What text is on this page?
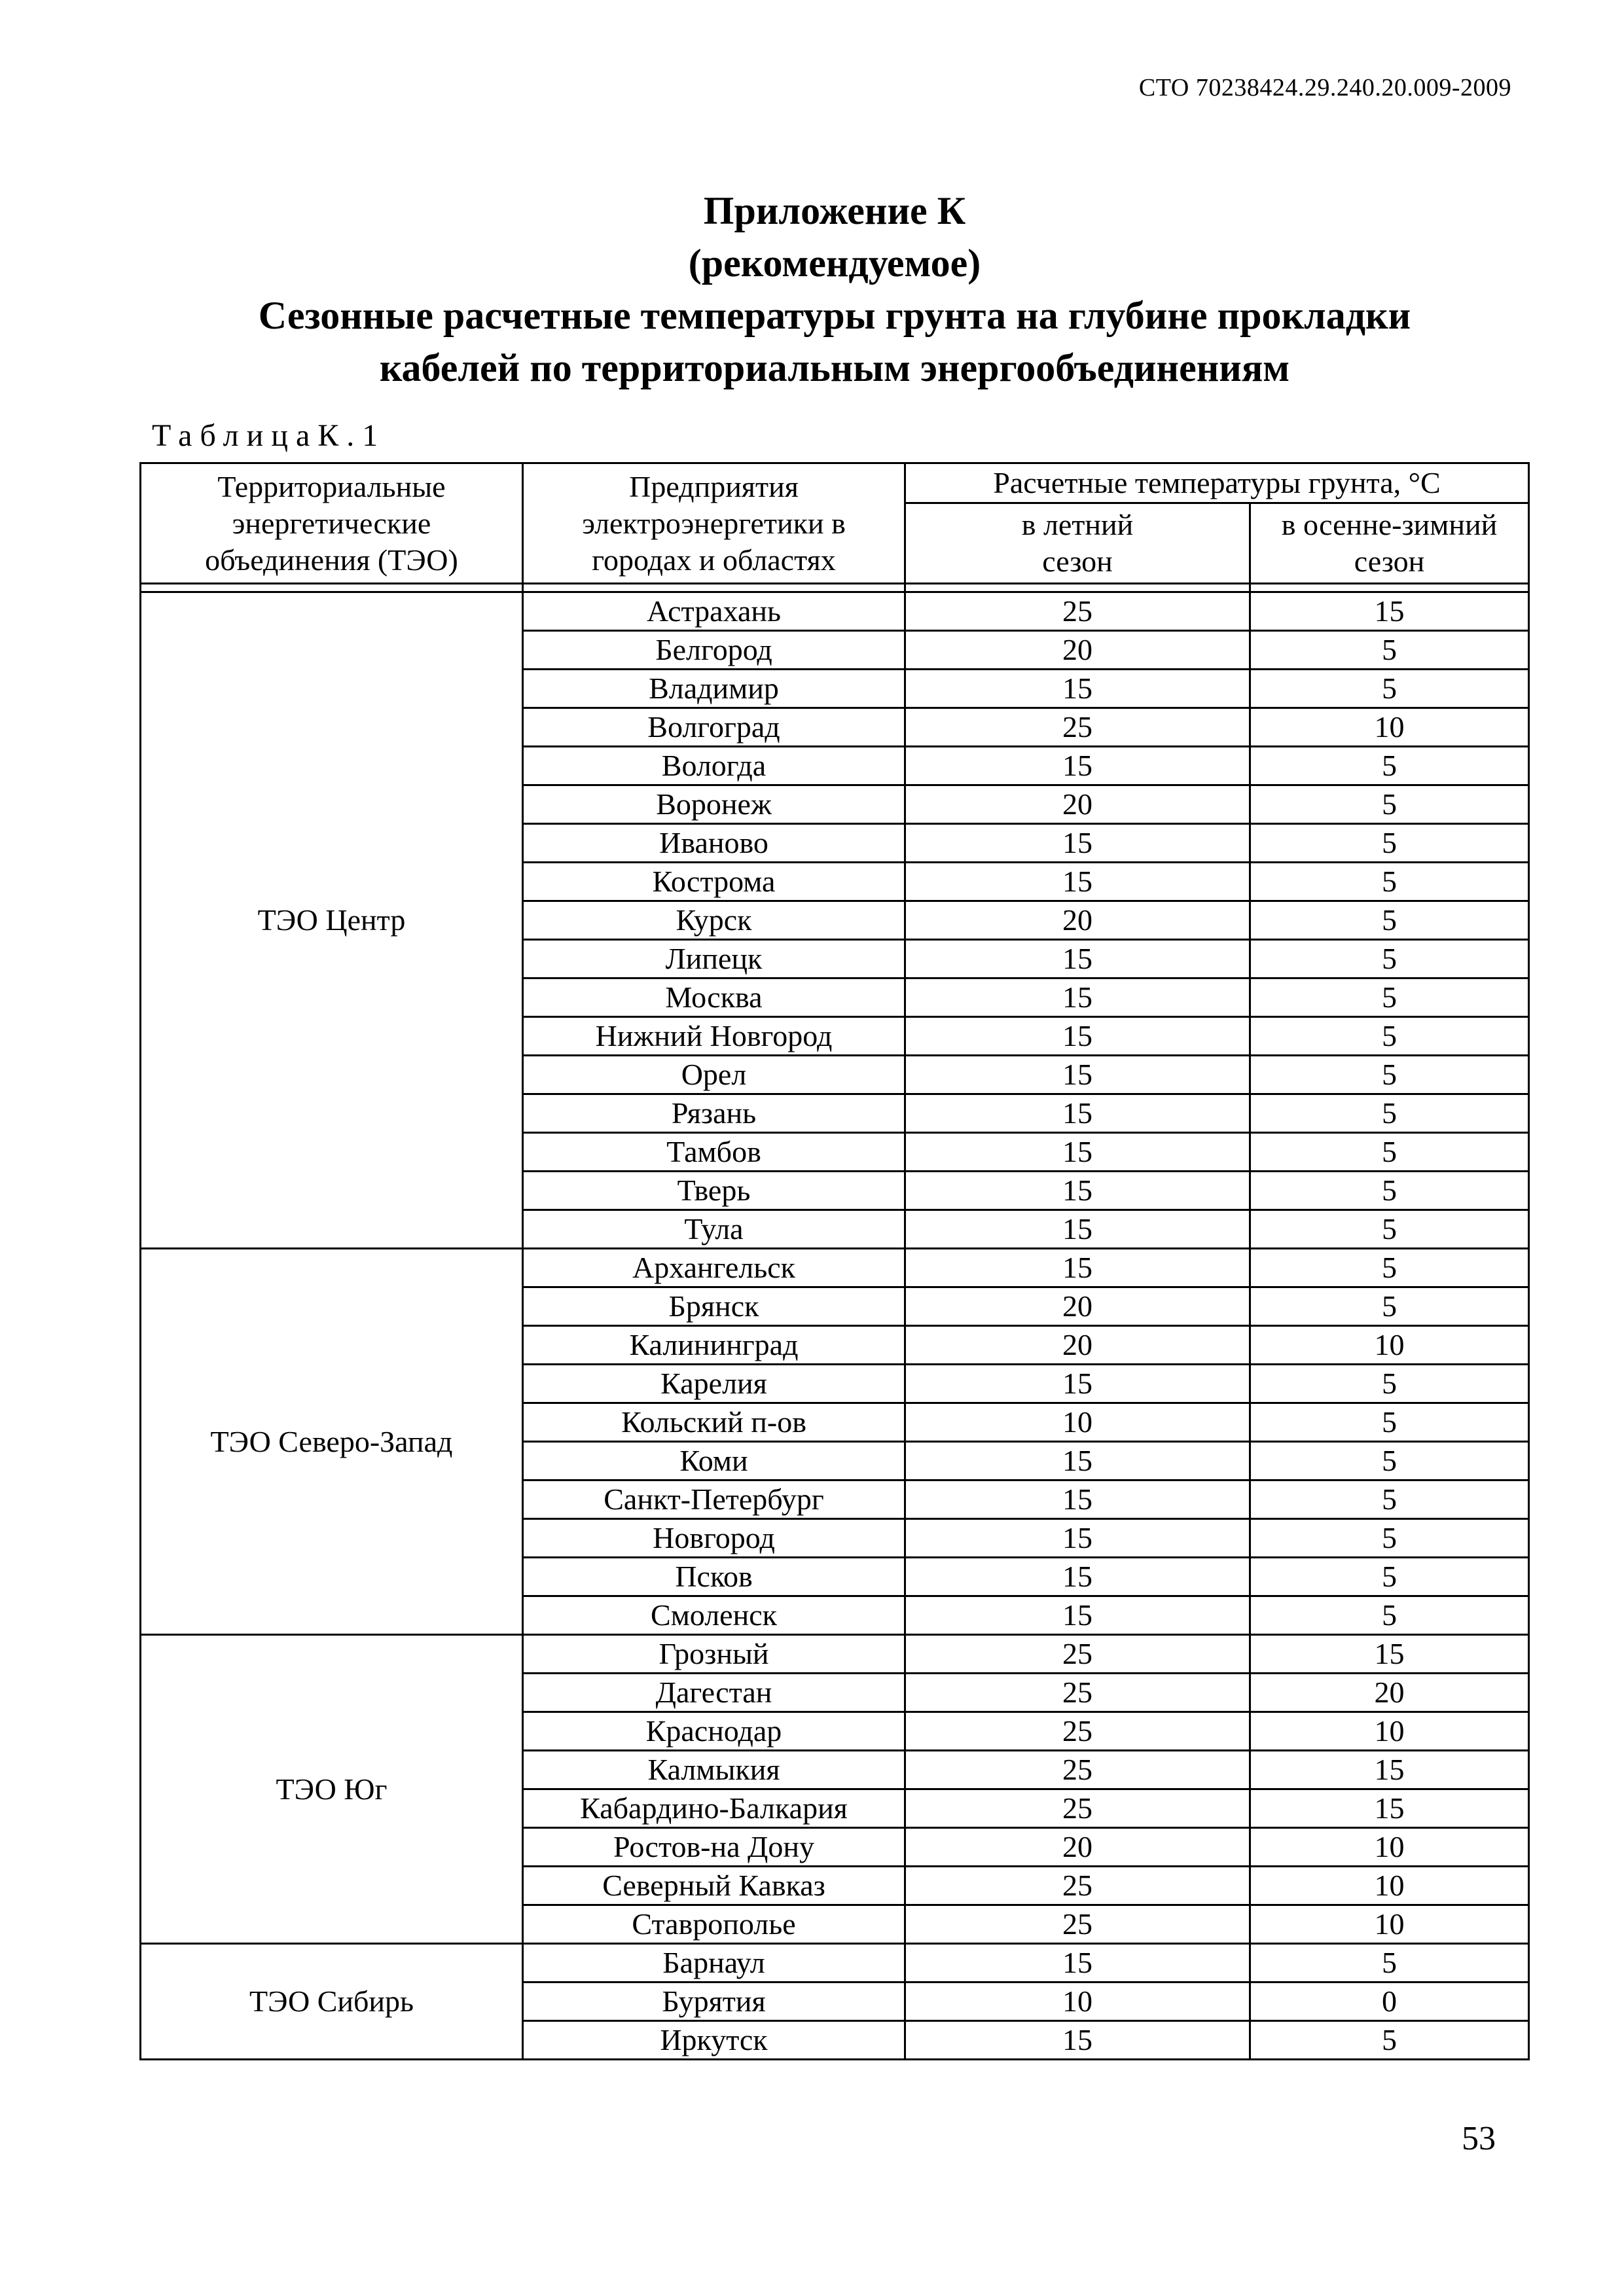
СТО 70238424.29.240.20.009-2009
Приложение К
(рекомендуемое)
Сезонные расчетные температуры грунта на глубине прокладки
кабелей по территориальным энергообъединениям
ТаблицаК.1
Территориальные энергетические объединения (ТЭО)	Предприятия электроэнергетики в городах и областях	Расчетные температуры грунта, °С	
		в летний сезон	в осенне-зимний сезон

ТЭО Центр	Астрахань	25	15
	Белгород	20	5
	Владимир	15	5
	Волгоград	25	10
	Вологда	15	5
	Воронеж	20	5
	Иваново	15	5
	Кострома	15	5
	Курск	20	5
	Липецк	15	5
	Москва	15	5
	Нижний Новгород	15	5
	Орел	15	5
	Рязань	15	5
	Тамбов	15	5
	Тверь	15	5
	Тула	15	5
ТЭО Северо-Запад	Архангельск	15	5
	Брянск	20	5
	Калининград	20	10
	Карелия	15	5
	Кольский п-ов	10	5
	Коми	15	5
	Санкт-Петербург	15	5
	Новгород	15	5
	Псков	15	5
	Смоленск	15	5
ТЭО Юг	Грозный	25	15
	Дагестан	25	20
	Краснодар	25	10
	Калмыкия	25	15
	Кабардино-Балкария	25	15
	Ростов-на Дону	20	10
	Северный Кавказ	25	10
	Ставрополье	25	10
ТЭО Сибирь	Барнаул	15	5
	Бурятия	10	0
	Иркутск	15	5
53
